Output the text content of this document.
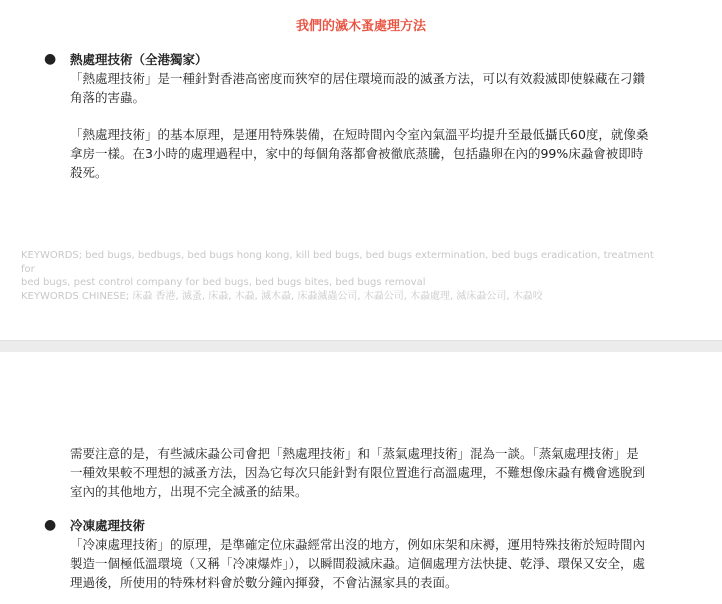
我們的滅木蚤處理方法
● 熱處理技術（全港獨家）

「熱處理技術」是一種針對香港高密度而狹窄的居住環境而設的滅蚤方法，可以有效殺滅即使躲藏在刁鑽角落的害蟲。

「熱處理技術」的基本原理，是運用特殊裝備，在短時間內令室內氣溫平均提升至最低攝氏60度，就像桑拿房一樣。在3小時的處理過程中，家中的每個角落都會被徹底蒸騰，包括蟲卵在內的99%床蝨會被即時殺死。

KEYWORDS; bed bugs, bedbugs, bed bugs hong kong, kill bed bugs, bed bugs extermination, bed bugs eradication, treatment for
bed bugs, pest control company for bed bugs, bed bugs bites, bed bugs removal
KEYWORDS CHINESE; 床蝨 香港, 滅蚤, 床蝨, 木蝨, 滅木蝨, 床蝨滅蟲公司, 木蝨公司, 木蝨處理, 滅床蝨公司, 木蝨咬

需要注意的是，有些滅床蝨公司會把「熱處理技術」和「蒸氣處理技術」混為一談。「蒸氣處理技術」是一種效果較不理想的滅蚤方法，因為它每次只能針對有限位置進行高溫處理，不難想像床蝨有機會逃脫到室內的其他地方，出現不完全滅蚤的結果。

● 冷凍處理技術

「冷凍處理技術」的原理，是準確定位床蝨經常出沒的地方，例如床架和床褥，運用特殊技術於短時間內製造一個極低溫環境（又稱「冷凍爆炸」），以瞬間殺滅床蝨。這個處理方法快捷、乾淨、環保又安全，處理過後，所使用的特殊材料會於數分鐘內揮發，不會沾濕家具的表面。
